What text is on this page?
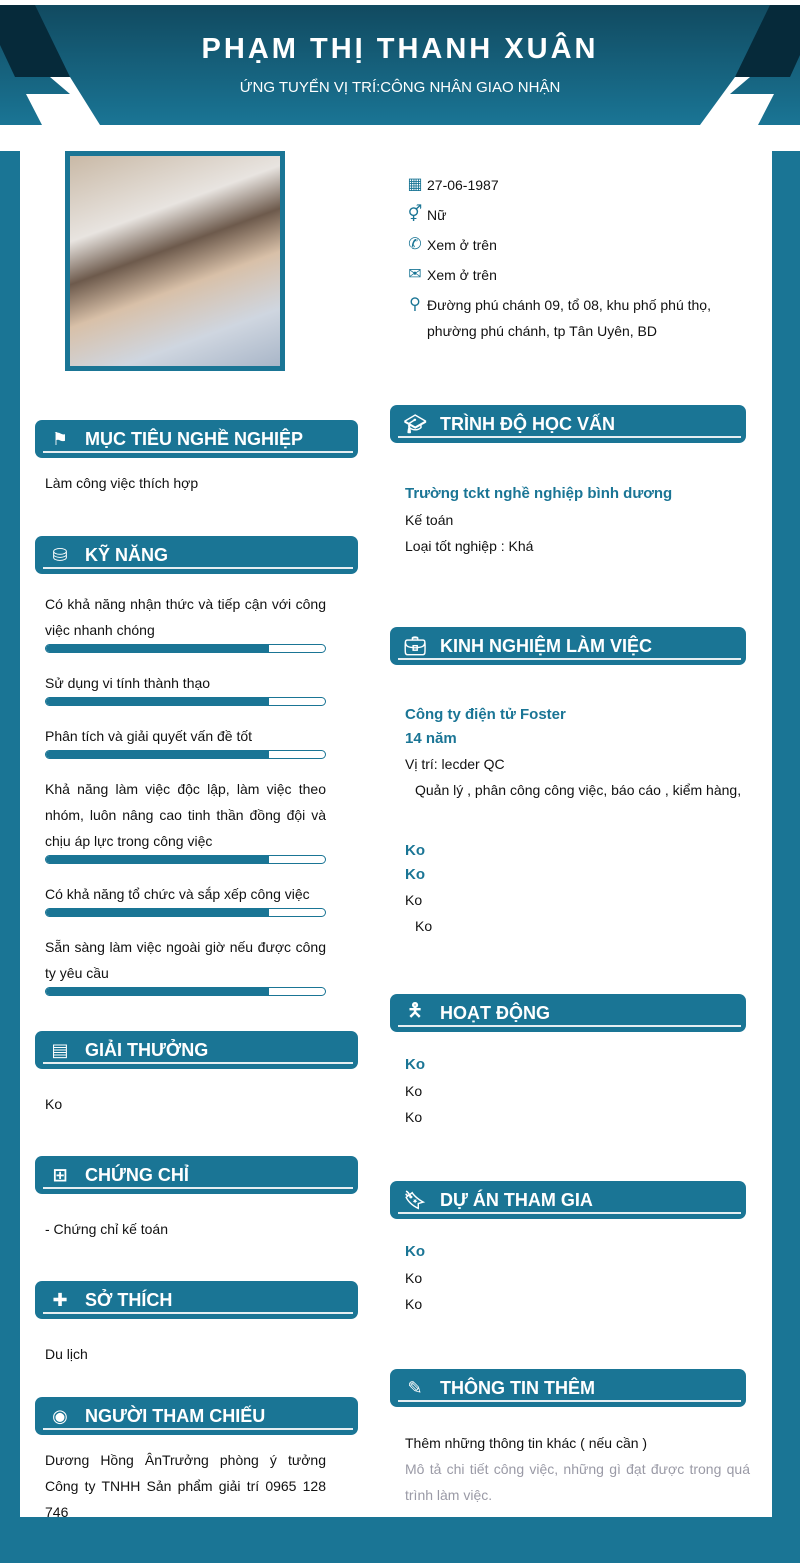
PHẠM THỊ THANH XUÂN
ỨNG TUYỂN VỊ TRÍ:CÔNG NHÂN GIAO NHẬN
▦ 27-06-1987
⚥ Nữ
✆ Xem ở trên
✉ Xem ở trên
⚲ Đường phú chánh 09, tổ 08, khu phố phú thọ, phường phú chánh, tp Tân Uyên, BD
⚑ MỤC TIÊU NGHỀ NGHIỆP
Làm công việc thích hợp
⛁ KỸ NĂNG
Có khả năng nhận thức và tiếp cận với công việc nhanh chóng
Sử dụng vi tính thành thạo
Phân tích và giải quyết vấn đề tốt
Khả năng làm việc độc lập, làm việc theo nhóm, luôn nâng cao tinh thần đồng đội và chịu áp lực trong công việc
Có khả năng tổ chức và sắp xếp công việc
Sẵn sàng làm việc ngoài giờ nếu được công ty yêu cầu
▤ GIẢI THƯỞNG
Ko
⊞ CHỨNG CHỈ
- Chứng chỉ kế toán
✚ SỞ THÍCH
Du lịch
◉ NGƯỜI THAM CHIẾU
Dương Hồng ÂnTrưởng phòng ý tưởng Công ty TNHH Sản phẩm giải trí 0965 128 746
🎓︎ TRÌNH ĐỘ HỌC VẤN
Trường tckt nghề nghiệp bình dương
Kế toán
Loại tốt nghiệp : Khá
💼︎ KINH NGHIỆM LÀM VIỆC
Công ty điện tử Foster
14 năm
Vị trí: lecder QC
Quản lý , phân công công việc, báo cáo , kiểm hàng,
Ko
Ko
Ko
Ko
🯅 HOẠT ĐỘNG
Ko
Ko
Ko
🔖︎ DỰ ÁN THAM GIA
Ko
Ko
Ko
✎ THÔNG TIN THÊM
Thêm những thông tin khác ( nếu cần )
Mô tả chi tiết công việc, những gì đạt được trong quá trình làm việc.
